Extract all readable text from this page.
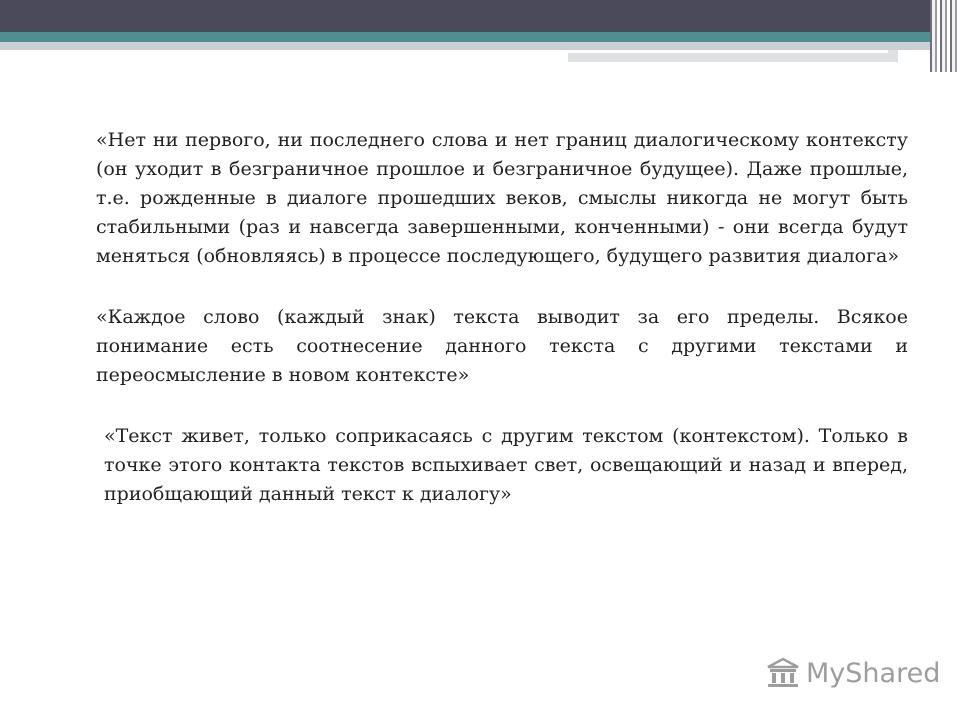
«Нет ни первого, ни последнего слова и нет границ диалогическому контексту (он уходит в безграничное прошлое и безграничное будущее). Даже прошлые, т.е. рожденные в диалоге прошедших веков, смыслы никогда не могут быть стабильными (раз и навсегда завершенными, конченными) - они всегда будут меняться (обновляясь) в процессе последующего, будущего развития диалога»

«Каждое слово (каждый знак) текста выводит за его пределы. Всякое понимание есть соотнесение данного текста с другими текстами и переосмысление в новом контексте»

«Текст живет, только соприкасаясь с другим текстом (контекстом). Только в точке этого контакта текстов вспыхивает свет, освещающий и назад и вперед, приобщающий данный текст к диалогу»

MyShared
